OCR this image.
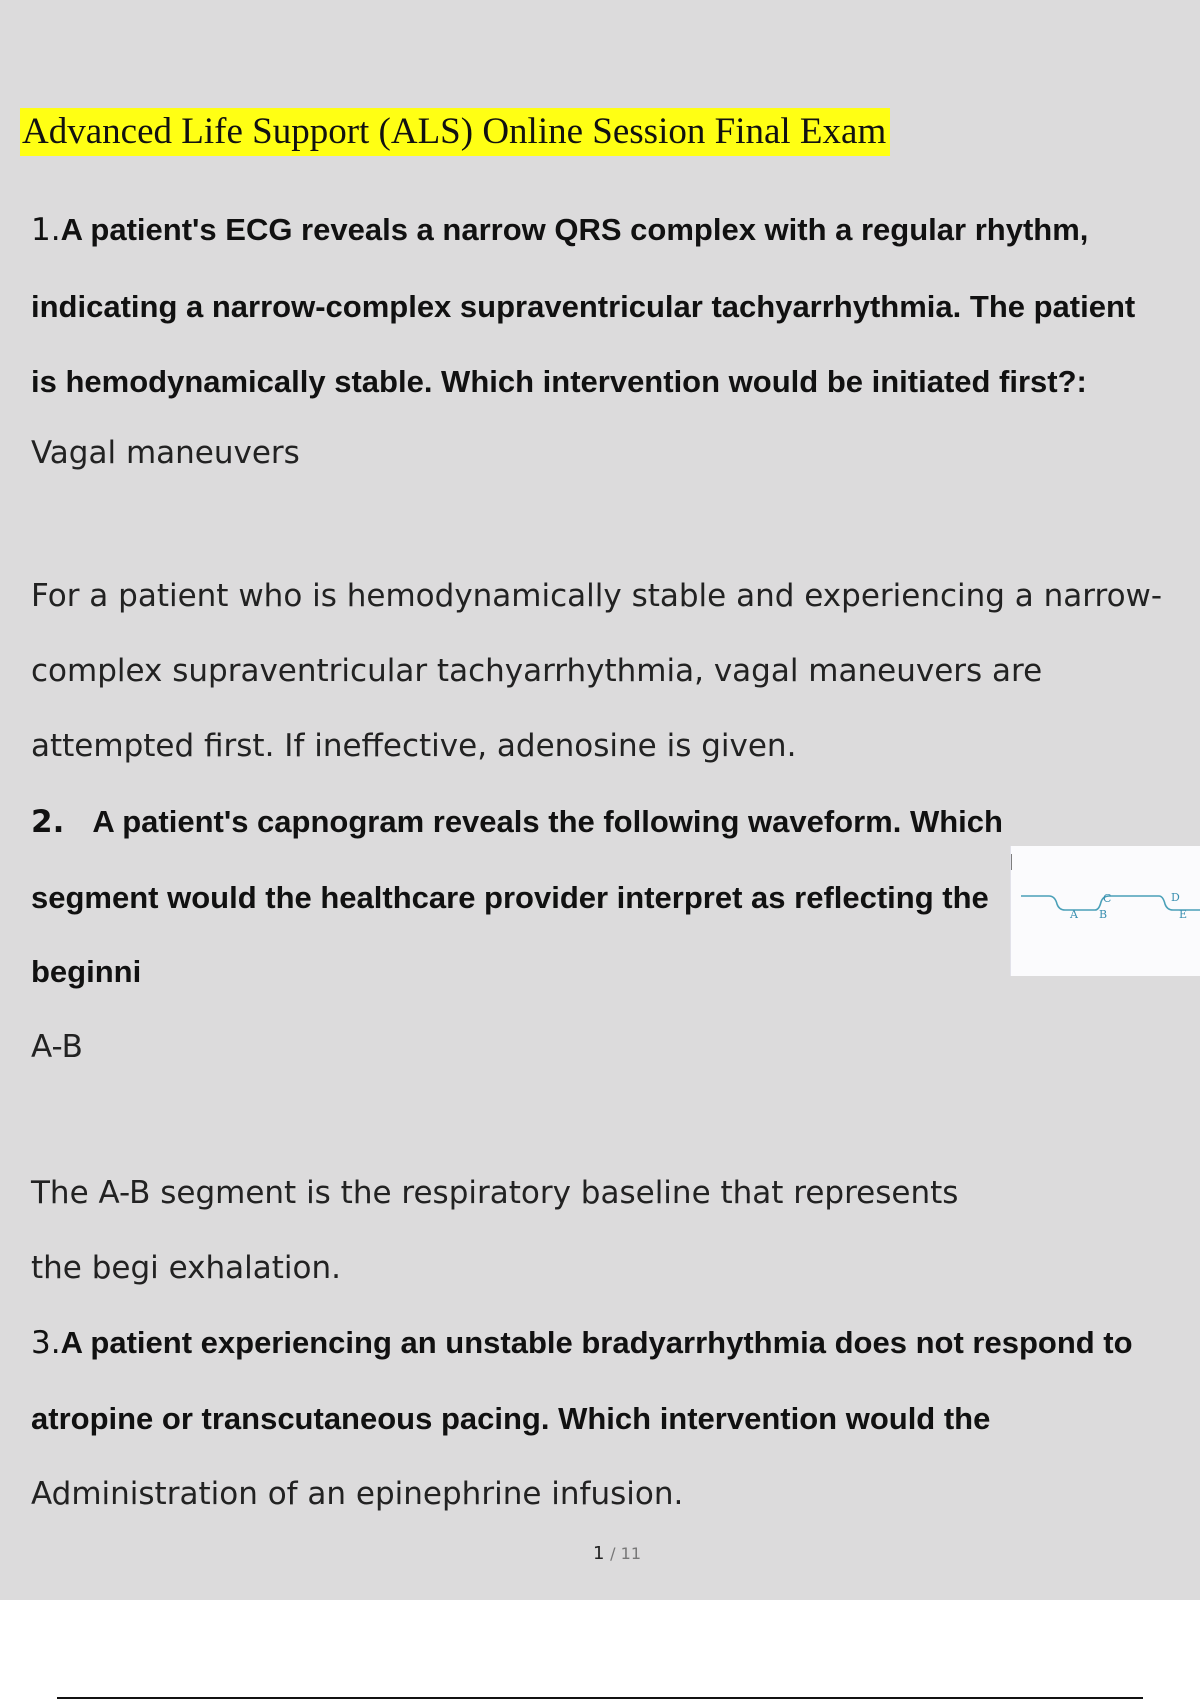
Advanced Life Support (ALS) Online Session Final Exam
1.A patient's ECG reveals a narrow QRS complex with a regular rhythm,
indicating a narrow-complex supraventricular tachyarrhythmia. The patient
is hemodynamically stable. Which intervention would be initiated first?:
Vagal maneuvers
For a patient who is hemodynamically stable and experiencing a narrow-
complex supraventricular tachyarrhythmia, vagal maneuvers are
attempted first. If ineffective, adenosine is given.
2. A patient's capnogram reveals the following waveform. Which
segment would the healthcare provider interpret as reflecting the
beginni
A-B
A B
C	D
E
The A-B segment is the respiratory baseline that represents
the begi exhalation.
3.A patient experiencing an unstable bradyarrhythmia does not respond to
atropine or transcutaneous pacing. Which intervention would the
Administration of an epinephrine infusion.
1 / 11
